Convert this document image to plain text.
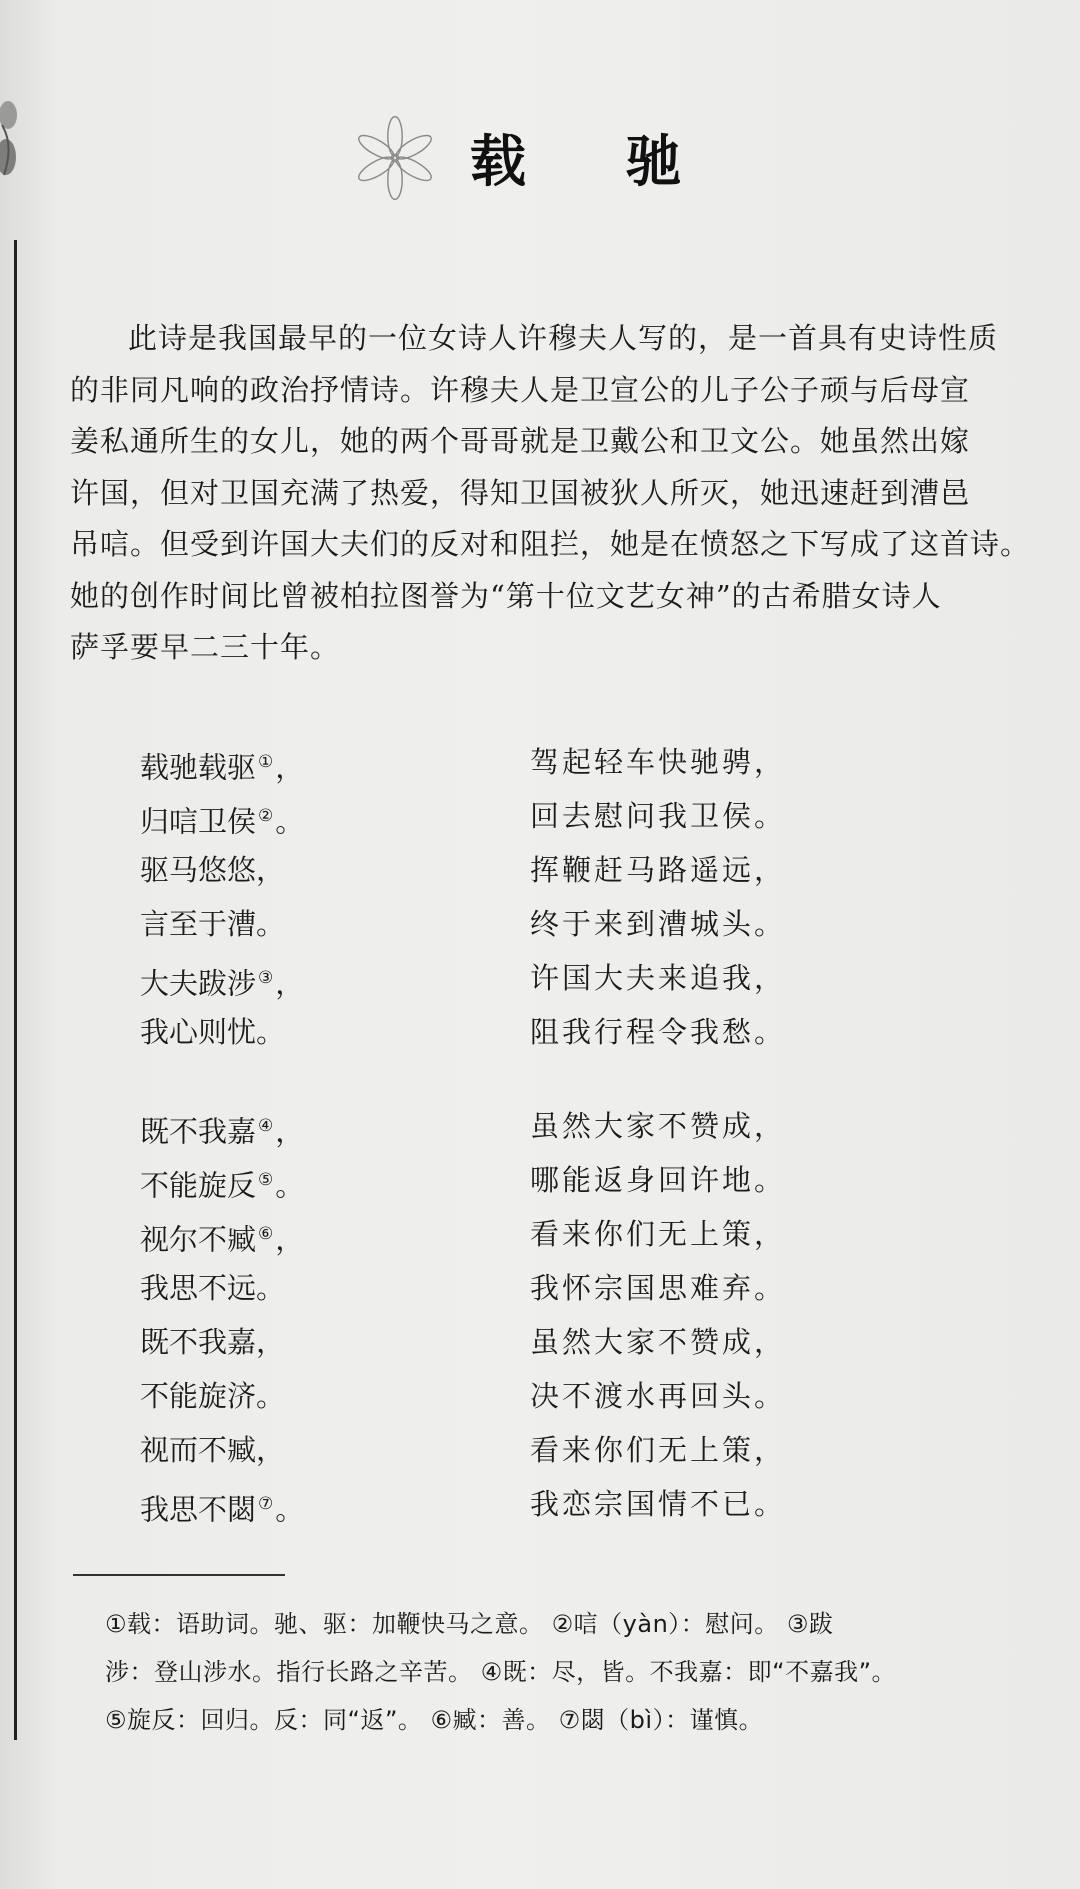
载 驰
此诗是我国最早的一位女诗人许穆夫人写的，是一首具有史诗性质
的非同凡响的政治抒情诗。许穆夫人是卫宣公的儿子公子顽与后母宣
姜私通所生的女儿，她的两个哥哥就是卫戴公和卫文公。她虽然出嫁
许国，但对卫国充满了热爱，得知卫国被狄人所灭，她迅速赶到漕邑
吊唁。但受到许国大夫们的反对和阻拦，她是在愤怒之下写成了这首诗。
她的创作时间比曾被柏拉图誉为“第十位文艺女神”的古希腊女诗人
萨孚要早二三十年。
载驰载驱 ①，	驾起轻车快驰骋，
归唁卫侯 ②。	回去慰问我卫侯。
驱马悠悠，	挥鞭赶马路遥远，
言至于漕。	终于来到漕城头。
大夫跋涉 ③，	许国大夫来追我，
我心则忧。	阻我行程令我愁。
既不我嘉 ④，	虽然大家不赞成，
不能旋反 ⑤。	哪能返身回许地。
视尔不臧 ⑥，	看来你们无上策，
我思不远。	我怀宗国思难弃。
既不我嘉，	虽然大家不赞成，
不能旋济。	决不渡水再回头。
视而不臧，	看来你们无上策，
我思不閟 ⑦。	我恋宗国情不已。
①载：语助词。驰、驱：加鞭快马之意。 ②唁（yàn）：慰问。 ③跋
涉：登山涉水。指行长路之辛苦。 ④既：尽，皆。不我嘉：即“不嘉我”。
⑤旋反：回归。反：同“返”。 ⑥臧：善。 ⑦閟（bì）：谨慎。
